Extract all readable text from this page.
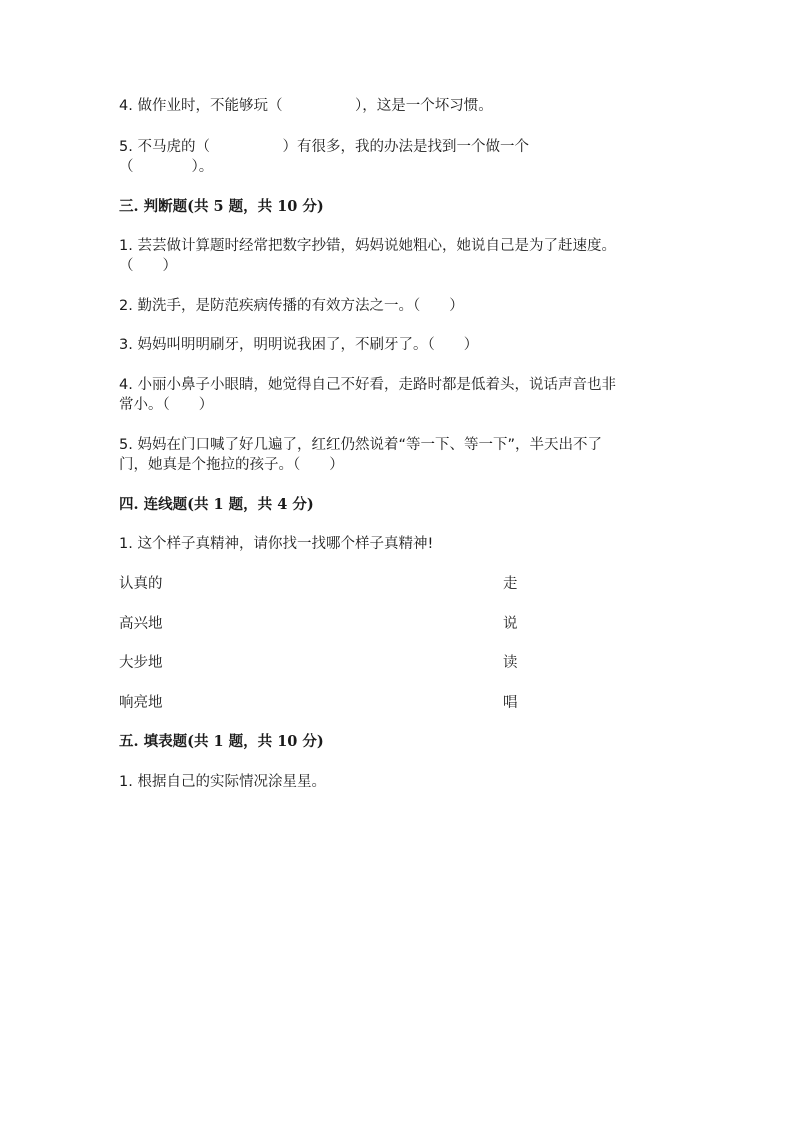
4. 做作业时，不能够玩（　　　　　），这是一个坏习惯。
5. 不马虎的（　　　　　）有很多，我的办法是找到一个做一个
（　　　　）。
三. 判断题(共 5 题，共 10 分)
1. 芸芸做计算题时经常把数字抄错，妈妈说她粗心，她说自己是为了赶速度。
（　　）
2. 勤洗手，是防范疾病传播的有效方法之一。（　　）
3. 妈妈叫明明刷牙，明明说我困了，不刷牙了。（　　）
4. 小丽小鼻子小眼睛，她觉得自己不好看，走路时都是低着头，说话声音也非
常小。（　　）
5. 妈妈在门口喊了好几遍了，红红仍然说着“等一下、等一下”，半天出不了
门，她真是个拖拉的孩子。（　　）
四. 连线题(共 1 题，共 4 分)
1. 这个样子真精神，请你找一找哪个样子真精神!
认真的	走
高兴地	说
大步地	读
响亮地	唱
五. 填表题(共 1 题，共 10 分)
1. 根据自己的实际情况涂星星。
